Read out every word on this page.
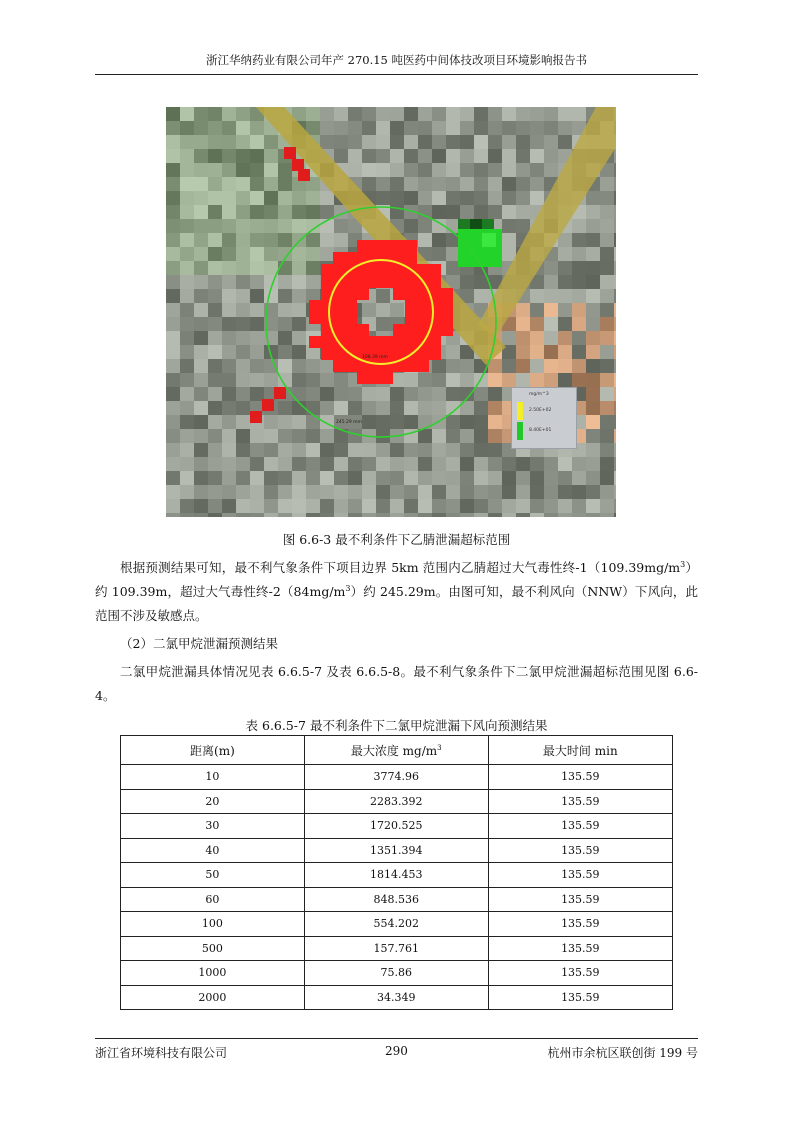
浙江华纳药业有限公司年产 270.15 吨医药中间体技改项目环境影响报告书
108.39 mm
245.29 mm
mg/m^3
2.50E+02
8.40E+01
图 6.6-3 最不利条件下乙腈泄漏超标范围

根据预测结果可知，最不利气象条件下项目边界 5km 范围内乙腈超过大气毒性终$-1(109.39mg/m^3)$约 109.39m，超过大气毒性终$-2(84mg/m^3)$约 245.29m。由图可知，最不利风向（NNW）下风向，此范围不涉及敏感点。

（2）二氯甲烷泄漏预测结果

二氯甲烷泄漏具体情况见表 6.6.5-7 及表 6.6.5-8。最不利气象条件下二氯甲烷泄漏超标范围见图 6.6-4。

表 6.6.5-7 最不利条件下二氯甲烷泄漏下风向预测结果
距离(m)	最大浓度 $mg/m^3$	最大时间 min
10	3774.96	135.59
20	2283.392	135.59
30	1720.525	135.59
40	1351.394	135.59
50	1814.453	135.59
60	848.536	135.59
100	554.202	135.59
500	157.761	135.59
1000	75.86	135.59
2000	34.349	135.59
浙江省环境科技有限公司	290	杭州市余杭区联创街 199 号
